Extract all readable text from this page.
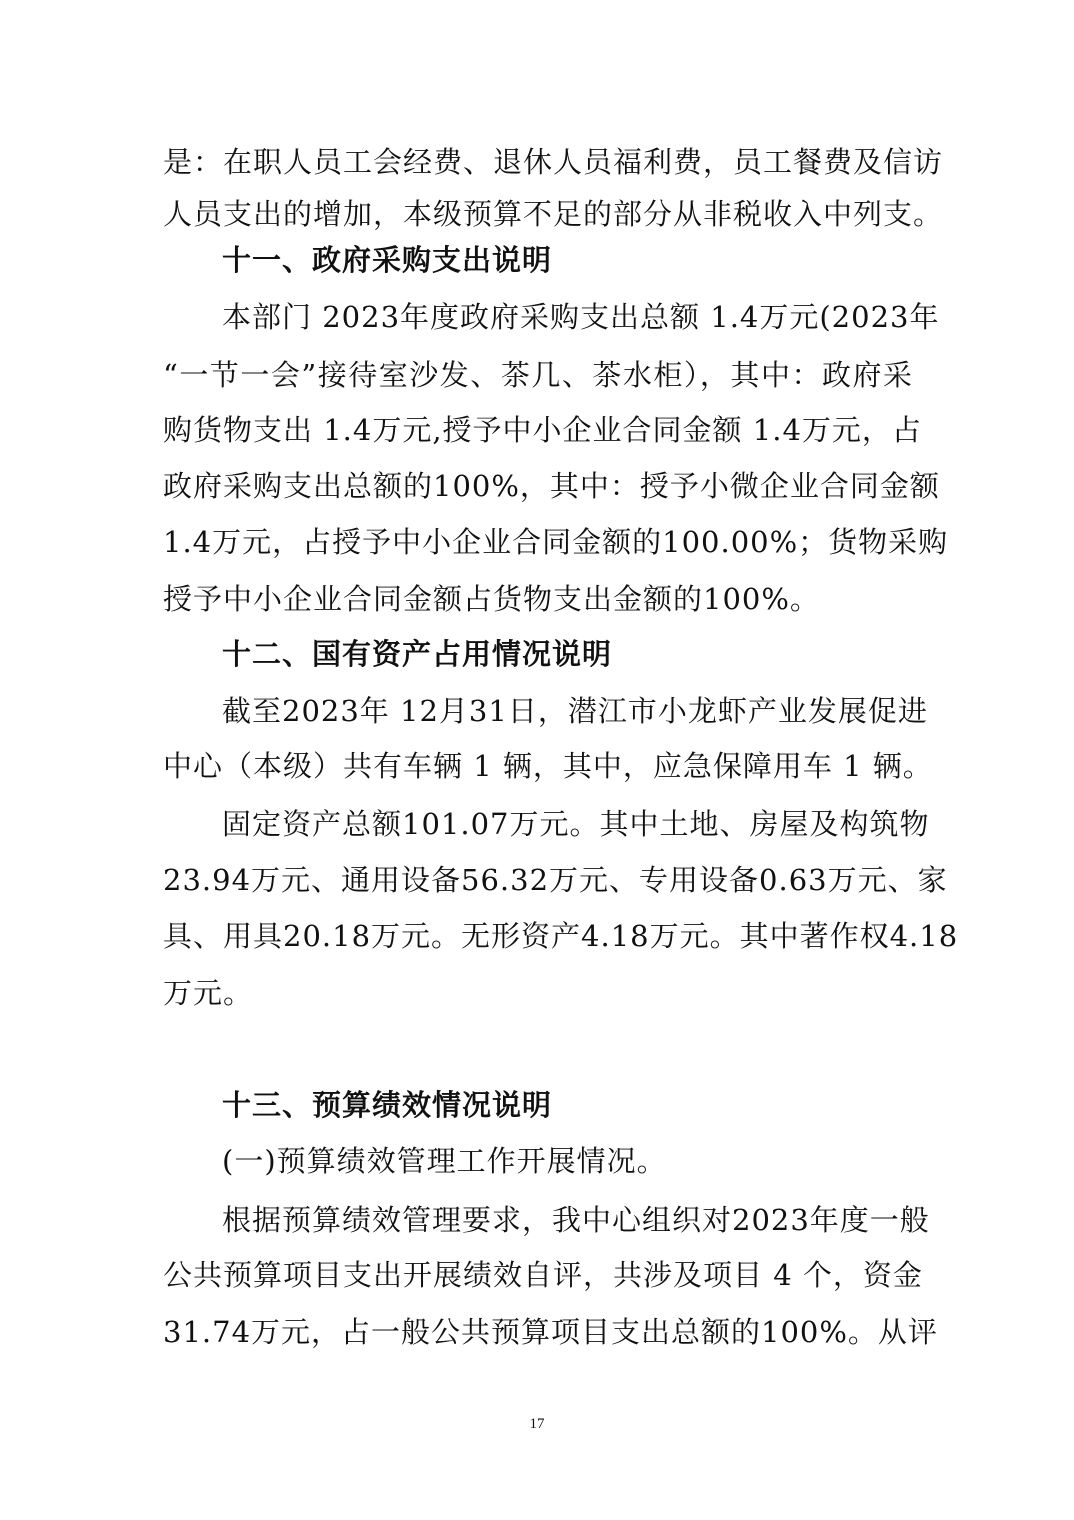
是：在职人员工会经费、退休人员福利费，员工餐费及信访
人员支出的增加，本级预算不足的部分从非税收入中列支。
十一、政府采购支出说明
本部门 2023年度政府采购支出总额 1.4万元(2023年
“一节一会”接待室沙发、茶几、茶水柜），其中：政府采
购货物支出 1.4万元,授予中小企业合同金额 1.4万元，占
政府采购支出总额的100%，其中：授予小微企业合同金额
1.4万元，占授予中小企业合同金额的100.00%；货物采购
授予中小企业合同金额占货物支出金额的100%。
十二、国有资产占用情况说明
截至2023年 12月31日，潜江市小龙虾产业发展促进
中心（本级）共有车辆 1 辆，其中，应急保障用车 1 辆。
固定资产总额101.07万元。其中土地、房屋及构筑物
23.94万元、通用设备56.32万元、专用设备0.63万元、家
具、用具20.18万元。无形资产4.18万元。其中著作权4.18
万元。
十三、预算绩效情况说明
(一)预算绩效管理工作开展情况。
根据预算绩效管理要求，我中心组织对2023年度一般
公共预算项目支出开展绩效自评，共涉及项目 4 个，资金
31.74万元，占一般公共预算项目支出总额的100%。从评
17
